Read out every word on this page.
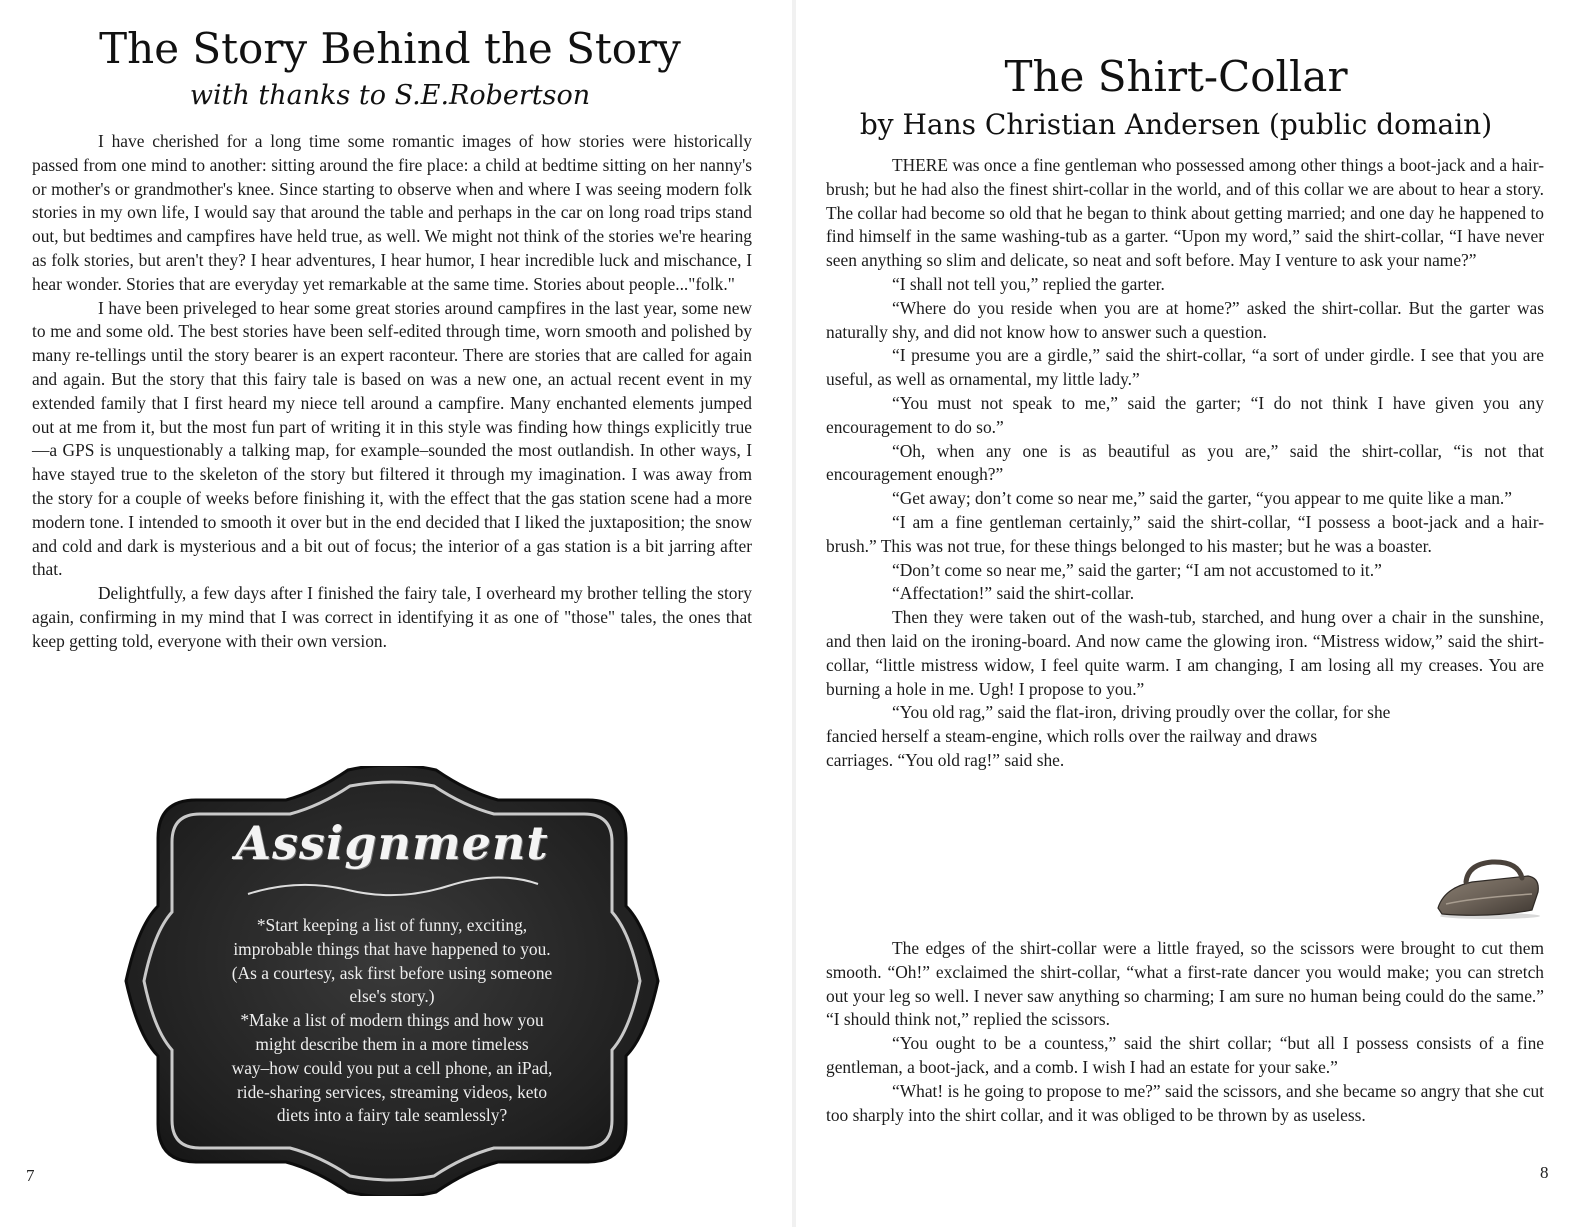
The Story Behind the Story
with thanks to S.E.Robertson

I have cherished for a long time some romantic images of how stories were historically passed from one mind to another: sitting around the fire place: a child at bedtime sitting on her nanny's or mother's or grandmother's knee. Since starting to observe when and where I was seeing modern folk stories in my own life, I would say that around the table and perhaps in the car on long road trips stand out, but bedtimes and campfires have held true, as well. We might not think of the stories we're hearing as folk stories, but aren't they? I hear adventures, I hear humor, I hear incredible luck and mischance, I hear wonder. Stories that are everyday yet remarkable at the same time. Stories about people..."folk."

I have been priveleged to hear some great stories around campfires in the last year, some new to me and some old. The best stories have been self-edited through time, worn smooth and polished by many re-tellings until the story bearer is an expert raconteur. There are stories that are called for again and again. But the story that this fairy tale is based on was a new one, an actual recent event in my extended family that I first heard my niece tell around a campfire. Many enchanted elements jumped out at me from it, but the most fun part of writing it in this style was finding how things explicitly true—a GPS is unquestionably a talking map, for example–sounded the most outlandish. In other ways, I have stayed true to the skeleton of the story but filtered it through my imagination. I was away from the story for a couple of weeks before finishing it, with the effect that the gas station scene had a more modern tone. I intended to smooth it over but in the end decided that I liked the juxtaposition; the snow and cold and dark is mysterious and a bit out of focus; the interior of a gas station is a bit jarring after that.

Delightfully, a few days after I finished the fairy tale, I overheard my brother telling the story again, confirming in my mind that I was correct in identifying it as one of "those" tales, the ones that keep getting told, everyone with their own version.

Assignment
*Start keeping a list of funny, exciting,
improbable things that have happened to you.
(As a courtesy, ask first before using someone
else's story.)
*Make a list of modern things and how you
might describe them in a more timeless
way–how could you put a cell phone, an iPad,
ride-sharing services, streaming videos, keto
diets into a fairy tale seamlessly?
7
The Shirt-Collar
by Hans Christian Andersen (public domain)

THERE was once a fine gentleman who possessed among other things a boot-jack and a hair-brush; but he had also the finest shirt-collar in the world, and of this collar we are about to hear a story. The collar had become so old that he began to think about getting married; and one day he happened to find himself in the same washing-tub as a garter. “Upon my word,” said the shirt-collar, “I have never seen anything so slim and delicate, so neat and soft before. May I venture to ask your name?”

“I shall not tell you,” replied the garter.

“Where do you reside when you are at home?” asked the shirt-collar. But the garter was naturally shy, and did not know how to answer such a question.

“I presume you are a girdle,” said the shirt-collar, “a sort of under girdle. I see that you are useful, as well as ornamental, my little lady.”

“You must not speak to me,” said the garter; “I do not think I have given you any encouragement to do so.”

“Oh, when any one is as beautiful as you are,” said the shirt-collar, “is not that encouragement enough?”

“Get away; don’t come so near me,” said the garter, “you appear to me quite like a man.”

“I am a fine gentleman certainly,” said the shirt-collar, “I possess a boot-jack and a hair-brush.” This was not true, for these things belonged to his master; but he was a boaster.

“Don’t come so near me,” said the garter; “I am not accustomed to it.”

“Affectation!” said the shirt-collar.

Then they were taken out of the wash-tub, starched, and hung over a chair in the sunshine, and then laid on the ironing-board. And now came the glowing iron. “Mistress widow,” said the shirt-collar, “little mistress widow, I feel quite warm. I am changing, I am losing all my creases. You are burning a hole in me. Ugh! I propose to you.”

“You old rag,” said the flat-iron, driving proudly over the collar, for she
fancied herself a steam-engine, which rolls over the railway and draws
carriages. “You old rag!” said she.

The edges of the shirt-collar were a little frayed, so the scissors were brought to cut them smooth. “Oh!” exclaimed the shirt-collar, “what a first-rate dancer you would make; you can stretch out your leg so well. I never saw anything so charming; I am sure no human being could do the same.” “I should think not,” replied the scissors.

“You ought to be a countess,” said the shirt collar; “but all I possess consists of a fine gentleman, a boot-jack, and a comb. I wish I had an estate for your sake.”

“What! is he going to propose to me?” said the scissors, and she became so angry that she cut too sharply into the shirt collar, and it was obliged to be thrown by as useless.

8
